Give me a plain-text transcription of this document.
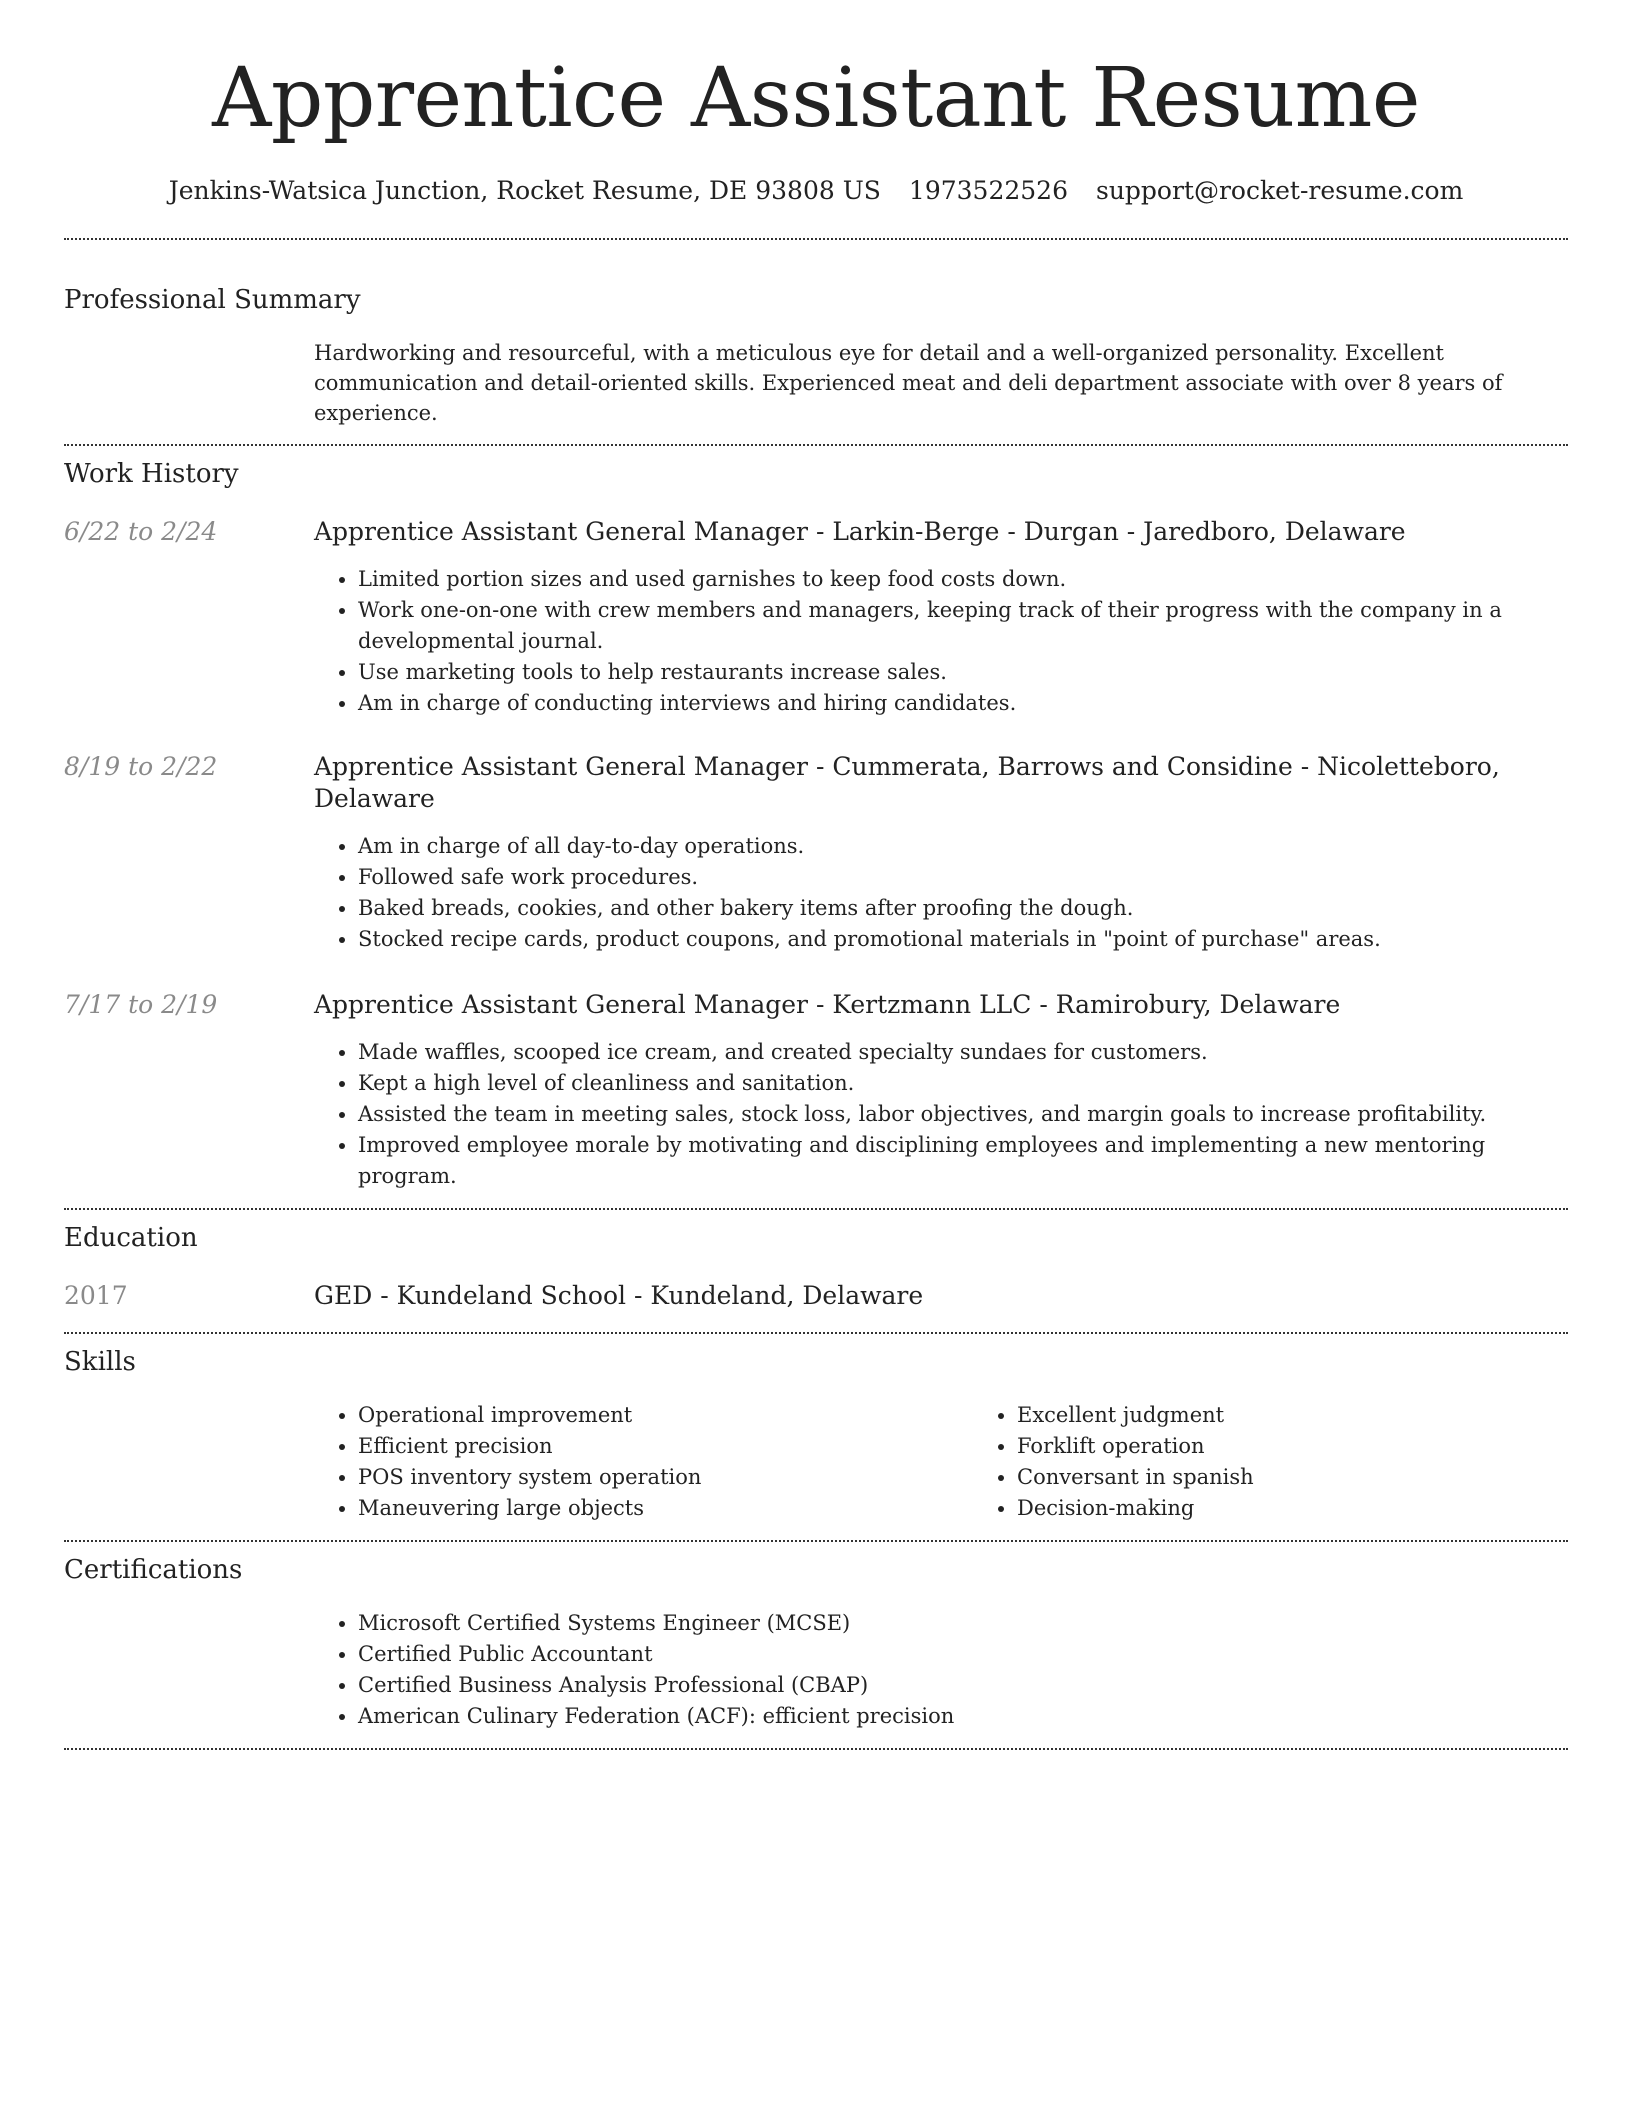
Apprentice Assistant Resume
Jenkins-Watsica Junction, Rocket Resume, DE 93808 US 1973522526 support@rocket-resume.com
Professional Summary
Hardworking and resourceful, with a meticulous eye for detail and a well-organized personality. Excellent communication and detail-oriented skills. Experienced meat and deli department associate with over 8 years of experience.
Work History
6/22 to 2/24	Apprentice Assistant General Manager - Larkin-Berge - Durgan - Jaredboro, Delaware
• Limited portion sizes and used garnishes to keep food costs down.
• Work one-on-one with crew members and managers, keeping track of their progress with the company in a developmental journal.
• Use marketing tools to help restaurants increase sales.
• Am in charge of conducting interviews and hiring candidates.
8/19 to 2/22	Apprentice Assistant General Manager - Cummerata, Barrows and Considine - Nicoletteboro, Delaware
• Am in charge of all day-to-day operations.
• Followed safe work procedures.
• Baked breads, cookies, and other bakery items after proofing the dough.
• Stocked recipe cards, product coupons, and promotional materials in "point of purchase" areas.
7/17 to 2/19	Apprentice Assistant General Manager - Kertzmann LLC - Ramirobury, Delaware
• Made waffles, scooped ice cream, and created specialty sundaes for customers.
• Kept a high level of cleanliness and sanitation.
• Assisted the team in meeting sales, stock loss, labor objectives, and margin goals to increase profitability.
• Improved employee morale by motivating and disciplining employees and implementing a new mentoring program.
Education
2017	GED - Kundeland School - Kundeland, Delaware
Skills
• Operational improvement
• Efficient precision
• POS inventory system operation
• Maneuvering large objects
• Excellent judgment
• Forklift operation
• Conversant in spanish
• Decision-making
Certifications
• Microsoft Certified Systems Engineer (MCSE)
• Certified Public Accountant
• Certified Business Analysis Professional (CBAP)
• American Culinary Federation (ACF): efficient precision
